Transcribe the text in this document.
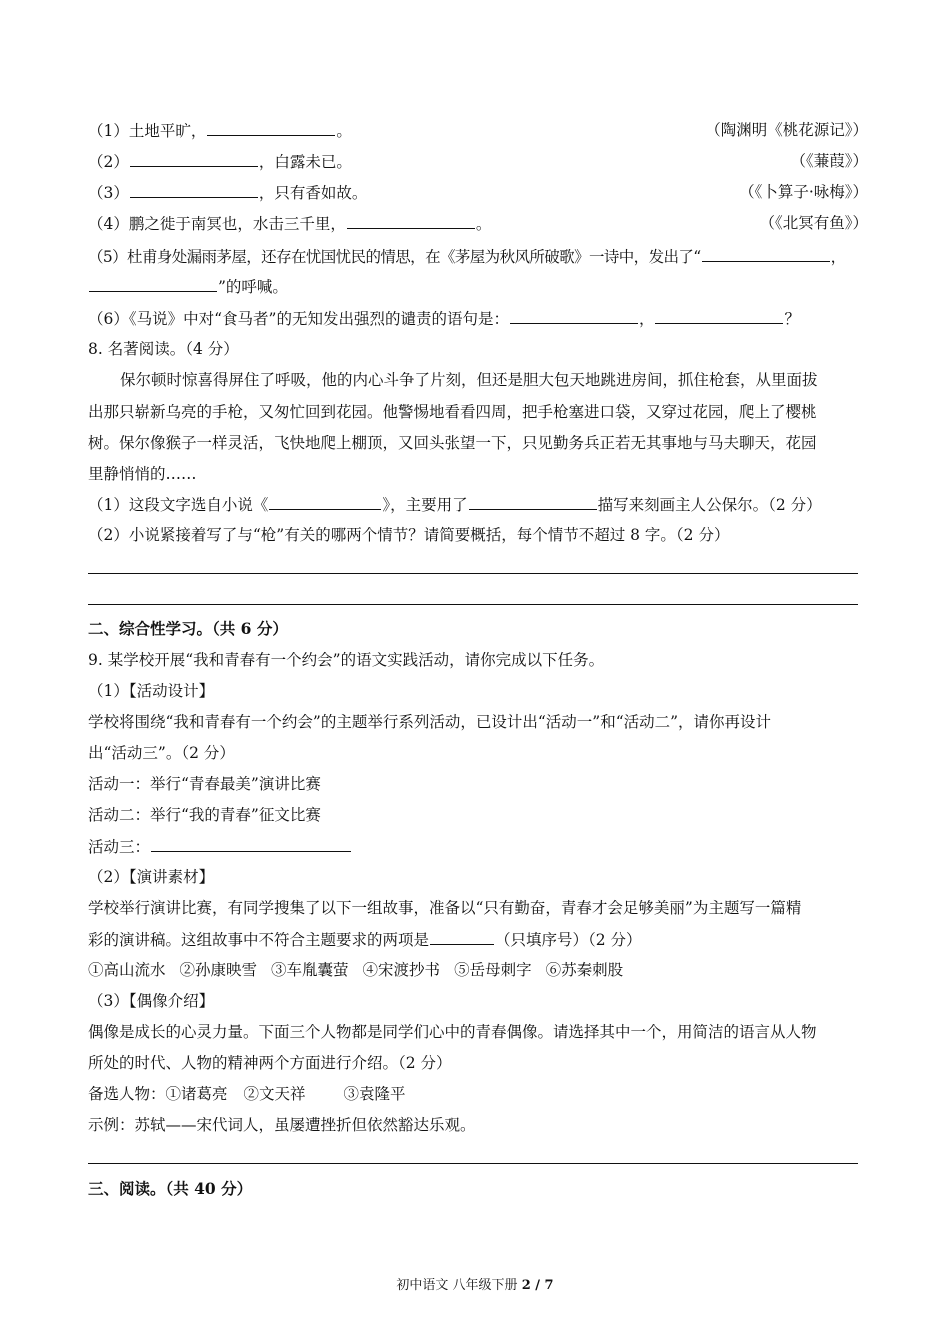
（1）土地平旷，	。	（陶渊明《桃花源记》）
（2）	，白露未已。	（《蒹葭》）
（3）	，只有香如故。	（《卜算子·咏梅》）
（4）鹏之徙于南冥也，水击三千里，	。	（《北冥有鱼》）
（5）杜甫身处漏雨茅屋，还存在忧国忧民的情思，在《茅屋为秋风所破歌》一诗中，发出了“	，
”的呼喊。
（6）《马说》中对“食马者”的无知发出强烈的谴责的语句是：	，	？
8. 名著阅读。（4 分）
保尔顿时惊喜得屏住了呼吸，他的内心斗争了片刻，但还是胆大包天地跳进房间，抓住枪套，从里面拔
出那只崭新乌亮的手枪，又匆忙回到花园。他警惕地看看四周，把手枪塞进口袋，又穿过花园，爬上了樱桃
树。保尔像猴子一样灵活，飞快地爬上棚顶，又回头张望一下，只见勤务兵正若无其事地与马夫聊天，花园
里静悄悄的……
（1）这段文字选自小说《	》，主要用了	描写来刻画主人公保尔。（2 分）
（2）小说紧接着写了与“枪”有关的哪两个情节？请简要概括，每个情节不超过 8 字。（2 分）
二、综合性学习。（共 6 分）
9. 某学校开展“我和青春有一个约会”的语文实践活动，请你完成以下任务。
（1）【活动设计】
学校将围绕“我和青春有一个约会”的主题举行系列活动，已设计出“活动一”和“活动二”，请你再设计
出“活动三”。（2 分）
活动一：举行“青春最美”演讲比赛
活动二：举行“我的青春”征文比赛
活动三：
（2）【演讲素材】
学校举行演讲比赛，有同学搜集了以下一组故事，准备以“只有勤奋，青春才会足够美丽”为主题写一篇精
彩的演讲稿。这组故事中不符合主题要求的两项是	（只填序号）（2 分）
①高山流水 ②孙康映雪 ③车胤囊萤 ④宋渡抄书 ⑤岳母刺字 ⑥苏秦刺股
（3）【偶像介绍】
偶像是成长的心灵力量。下面三个人物都是同学们心中的青春偶像。请选择其中一个，用简洁的语言从人物
所处的时代、人物的精神两个方面进行介绍。（2 分）
备选人物：①诸葛亮 ②文天祥 ③袁隆平
示例：苏轼——宋代词人，虽屡遭挫折但依然豁达乐观。
三、阅读。（共 40 分）
初中语文 八年级下册 2 / 7
